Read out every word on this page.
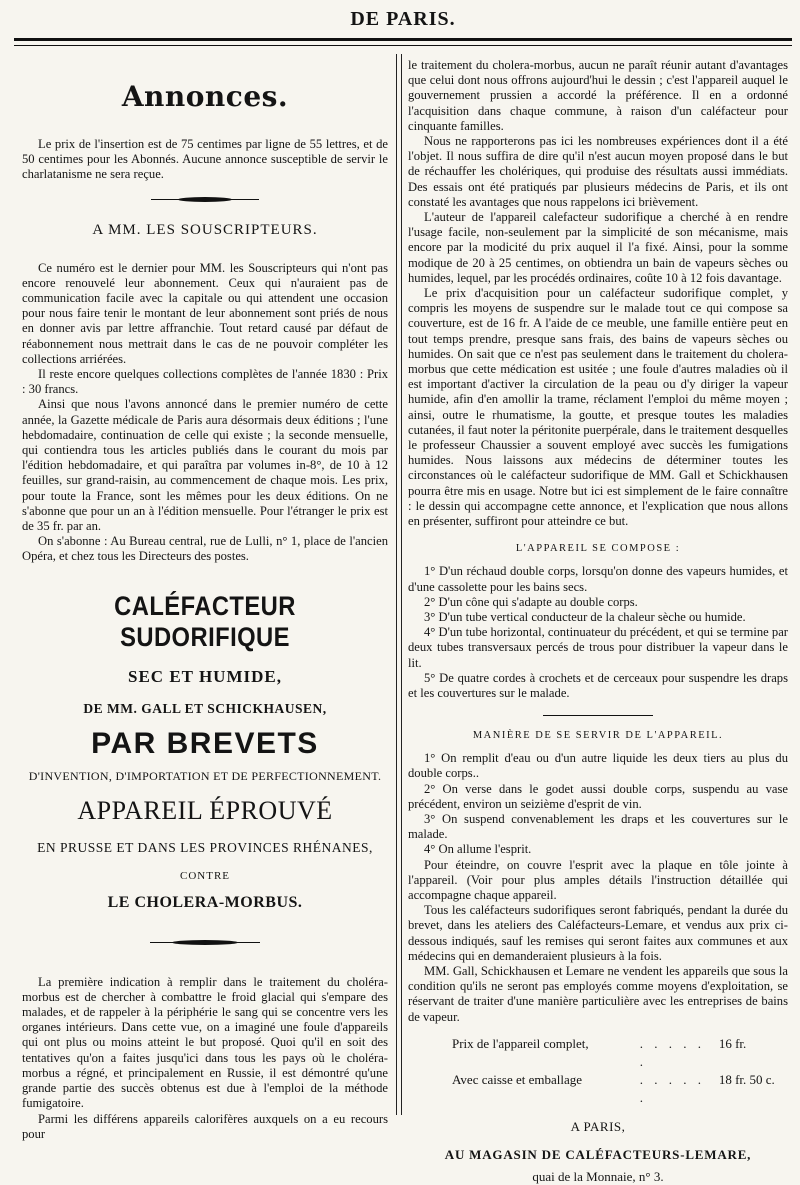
DE PARIS.
Annonces.

Le prix de l'insertion est de 75 centimes par ligne de 55 lettres, et de 50 centimes pour les Abonnés. Aucune annonce susceptible de servir le charlatanisme ne sera reçue.

A MM. LES SOUSCRIPTEURS.

Ce numéro est le dernier pour MM. les Souscripteurs qui n'ont pas encore renouvelé leur abonnement. Ceux qui n'auraient pas de communication facile avec la capitale ou qui attendent une occasion pour nous faire tenir le montant de leur abonnement sont priés de nous en donner avis par lettre affranchie. Tout retard causé par défaut de réabonnement nous mettrait dans le cas de ne pouvoir compléter les collections arriérées.

Il reste encore quelques collections complètes de l'année 1830 : Prix : 30 francs.

Ainsi que nous l'avons annoncé dans le premier numéro de cette année, la Gazette médicale de Paris aura désormais deux éditions ; l'une hebdomadaire, continuation de celle qui existe ; la seconde mensuelle, qui contiendra tous les articles publiés dans le courant du mois par l'édition hebdomadaire, et qui paraîtra par volumes in-8°, de 10 à 12 feuilles, sur grand-raisin, au commencement de chaque mois. Les prix, pour toute la France, sont les mêmes pour les deux éditions. On ne s'abonne que pour un an à l'édition mensuelle. Pour l'étranger le prix est de 35 fr. par an.

On s'abonne : Au Bureau central, rue de Lulli, n° 1, place de l'ancien Opéra, et chez tous les Directeurs des postes.

CALÉFACTEUR SUDORIFIQUE
SEC ET HUMIDE,
DE MM. GALL ET SCHICKHAUSEN,
PAR BREVETS
D'INVENTION, D'IMPORTATION ET DE PERFECTIONNEMENT.
APPAREIL ÉPROUVÉ
EN PRUSSE ET DANS LES PROVINCES RHÉNANES,
CONTRE
LE CHOLERA-MORBUS.

La première indication à remplir dans le traitement du choléra-morbus est de chercher à combattre le froid glacial qui s'empare des malades, et de rappeler à la périphérie le sang qui se concentre vers les organes intérieurs. Dans cette vue, on a imaginé une foule d'appareils qui ont plus ou moins atteint le but proposé. Quoi qu'il en soit des tentatives qu'on a faites jusqu'ici dans tous les pays où le choléra-morbus a régné, et principalement en Russie, il est démontré qu'une grande partie des succès obtenus est due à l'emploi de la méthode fumigatoire.

Parmi les différens appareils calorifères auxquels on a eu recours pour

le traitement du cholera-morbus, aucun ne paraît réunir autant d'avantages que celui dont nous offrons aujourd'hui le dessin ; c'est l'appareil auquel le gouvernement prussien a accordé la préférence. Il en a ordonné l'acquisition dans chaque commune, à raison d'un caléfacteur pour cinquante familles.

Nous ne rapporterons pas ici les nombreuses expériences dont il a été l'objet. Il nous suffira de dire qu'il n'est aucun moyen proposé dans le but de réchauffer les cholériques, qui produise des résultats aussi immédiats. Des essais ont été pratiqués par plusieurs médecins de Paris, et ils ont constaté les avantages que nous rappelons ici brièvement.

L'auteur de l'appareil calefacteur sudorifique a cherché à en rendre l'usage facile, non-seulement par la simplicité de son mécanisme, mais encore par la modicité du prix auquel il l'a fixé. Ainsi, pour la somme modique de 20 à 25 centimes, on obtiendra un bain de vapeurs sèches ou humides, lequel, par les procédés ordinaires, coûte 10 à 12 fois davantage.

Le prix d'acquisition pour un caléfacteur sudorifique complet, y compris les moyens de suspendre sur le malade tout ce qui compose sa couverture, est de 16 fr. A l'aide de ce meuble, une famille entière peut en tout temps prendre, presque sans frais, des bains de vapeurs sèches ou humides. On sait que ce n'est pas seulement dans le traitement du cholera-morbus que cette médication est usitée ; une foule d'autres maladies où il est important d'activer la circulation de la peau ou d'y diriger la vapeur humide, afin d'en amollir la trame, réclament l'emploi du même moyen ; ainsi, outre le rhumatisme, la goutte, et presque toutes les maladies cutanées, il faut noter la péritonite puerpérale, dans le traitement desquelles le professeur Chaussier a souvent employé avec succès les fumigations humides. Nous laissons aux médecins de déterminer toutes les circonstances où le caléfacteur sudorifique de MM. Gall et Schickhausen pourra être mis en usage. Notre but ici est simplement de le faire connaître : le dessin qui accompagne cette annonce, et l'explication que nous allons en présenter, suffiront pour atteindre ce but.

L'APPAREIL SE COMPOSE :

1° D'un réchaud double corps, lorsqu'on donne des vapeurs humides, et d'une cassolette pour les bains secs.

2° D'un cône qui s'adapte au double corps.

3° D'un tube vertical conducteur de la chaleur sèche ou humide.

4° D'un tube horizontal, continuateur du précédent, et qui se termine par deux tubes transversaux percés de trous pour distribuer la vapeur dans le lit.

5° De quatre cordes à crochets et de cerceaux pour suspendre les draps et les couvertures sur le malade.

MANIÈRE DE SE SERVIR DE L'APPAREIL.

1° On remplit d'eau ou d'un autre liquide les deux tiers au plus du double corps..

2° On verse dans le godet aussi double corps, suspendu au vase précédent, environ un seizième d'esprit de vin.

3° On suspend convenablement les draps et les couvertures sur le malade.

4° On allume l'esprit.

Pour éteindre, on couvre l'esprit avec la plaque en tôle jointe à l'appareil. (Voir pour plus amples détails l'instruction détaillée qui accompagne chaque appareil.

Tous les caléfacteurs sudorifiques seront fabriqués, pendant la durée du brevet, dans les ateliers des Caléfacteurs-Lemare, et vendus aux prix ci-dessous indiqués, sauf les remises qui seront faites aux communes et aux médecins qui en demanderaient plusieurs à la fois.

MM. Gall, Schickhausen et Lemare ne vendent les appareils que sous la condition qu'ils ne seront pas employés comme moyens d'exploitation, se réservant de traiter d'une manière particulière avec les entreprises de bains de vapeur.

Prix de l'appareil complet,	. . . . . .
16 fr.
Avec caisse et emballage	. . . . . .
18 fr. 50 c.
A PARIS,
AU MAGASIN DE CALÉFACTEURS-LEMARE,
quai de la Monnaie, n° 3.
